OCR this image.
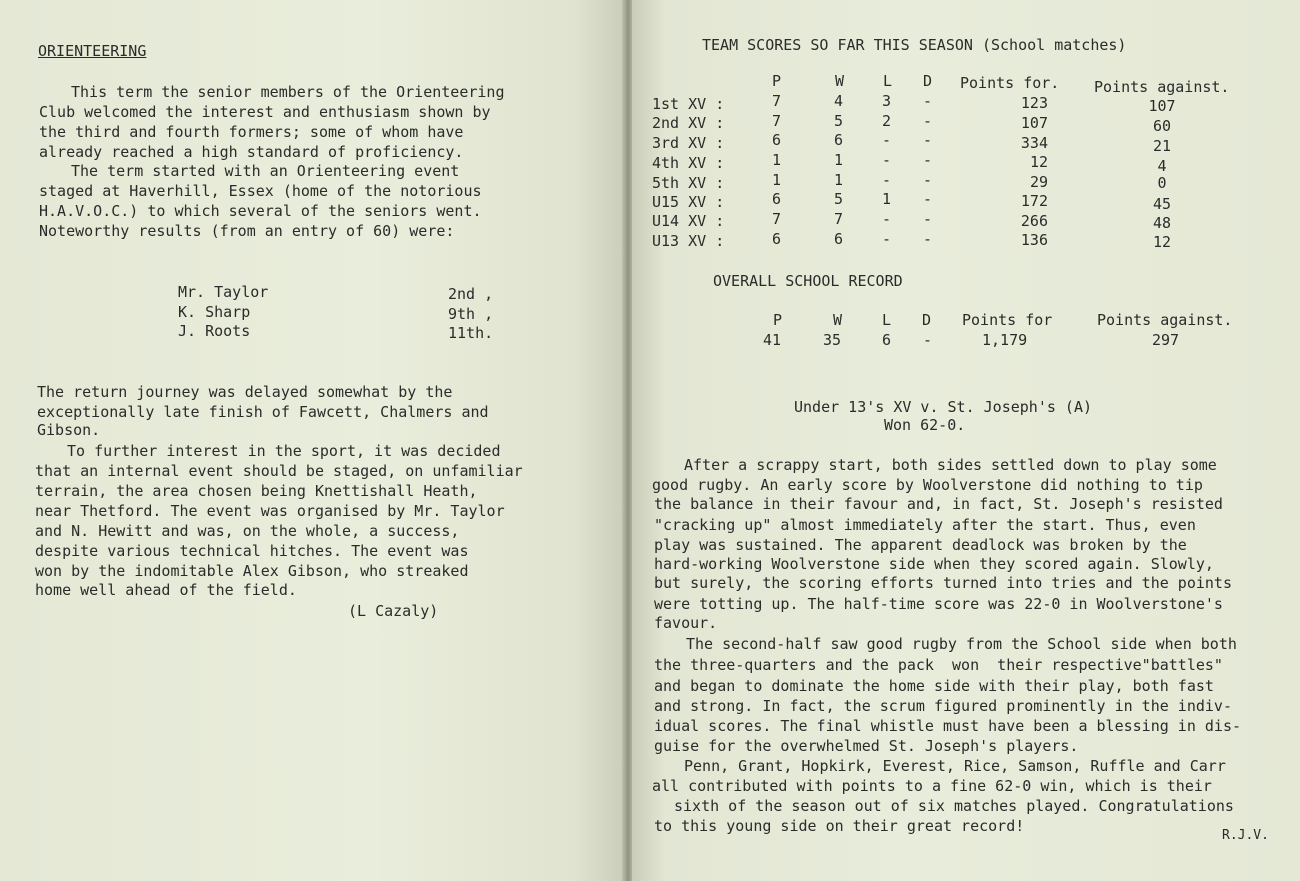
ORIENTEERING
This term the senior members of the Orienteering
Club welcomed the interest and enthusiasm shown by
the third and fourth formers; some of whom have
already reached a high standard of proficiency.
The term started with an Orienteering event
staged at Haverhill, Essex (home of the notorious
H.A.V.O.C.) to which several of the seniors went.
Noteworthy results (from an entry of 60) were:
Mr. Taylor	2nd ,
K. Sharp	9th ,
J. Roots	11th.
The return journey was delayed somewhat by the
exceptionally late finish of Fawcett, Chalmers and
Gibson.
To further interest in the sport, it was decided
that an internal event should be staged, on unfamiliar
terrain, the area chosen being Knettishall Heath,
near Thetford. The event was organised by Mr. Taylor
and N. Hewitt and was, on the whole, a success,
despite various technical hitches. The event was
won by the indomitable Alex Gibson, who streaked
home well ahead of the field.
(L Cazaly)
TEAM SCORES SO FAR THIS SEASON (School matches)
P	W	L D Points for. Points against.
1st XV :	7	4	3 -	123	107
2nd XV :	7	5	2 -	107	60
3rd XV :	6	6	- -	334	21
4th XV :	1	1	- -	12	4
5th XV :	1	1	- -	29	0
U15 XV :	6	5	1 -	172	45
U14 XV :	7	7	- -	266	48
U13 XV :	6	6	- -	136	12
OVERALL SCHOOL RECORD
P	W	L D Points for	Points against.
41	35	6 -	1,179	297
Under 13's XV v. St. Joseph's (A)
Won 62-0.
After a scrappy start, both sides settled down to play some
good rugby. An early score by Woolverstone did nothing to tip
the balance in their favour and, in fact, St. Joseph's resisted
"cracking up" almost immediately after the start. Thus, even
play was sustained. The apparent deadlock was broken by the
hard-working Woolverstone side when they scored again. Slowly,
but surely, the scoring efforts turned into tries and the points
were totting up. The half-time score was 22-0 in Woolverstone's
favour.
The second-half saw good rugby from the School side when both
the three-quarters and the pack  won  their respective"battles"
and began to dominate the home side with their play, both fast
and strong. In fact, the scrum figured prominently in the indiv-
idual scores. The final whistle must have been a blessing in dis-
guise for the overwhelmed St. Joseph's players.
Penn, Grant, Hopkirk, Everest, Rice, Samson, Ruffle and Carr
all contributed with points to a fine 62-0 win, which is their
sixth of the season out of six matches played. Congratulations
to this young side on their great record!
R.J.V.
